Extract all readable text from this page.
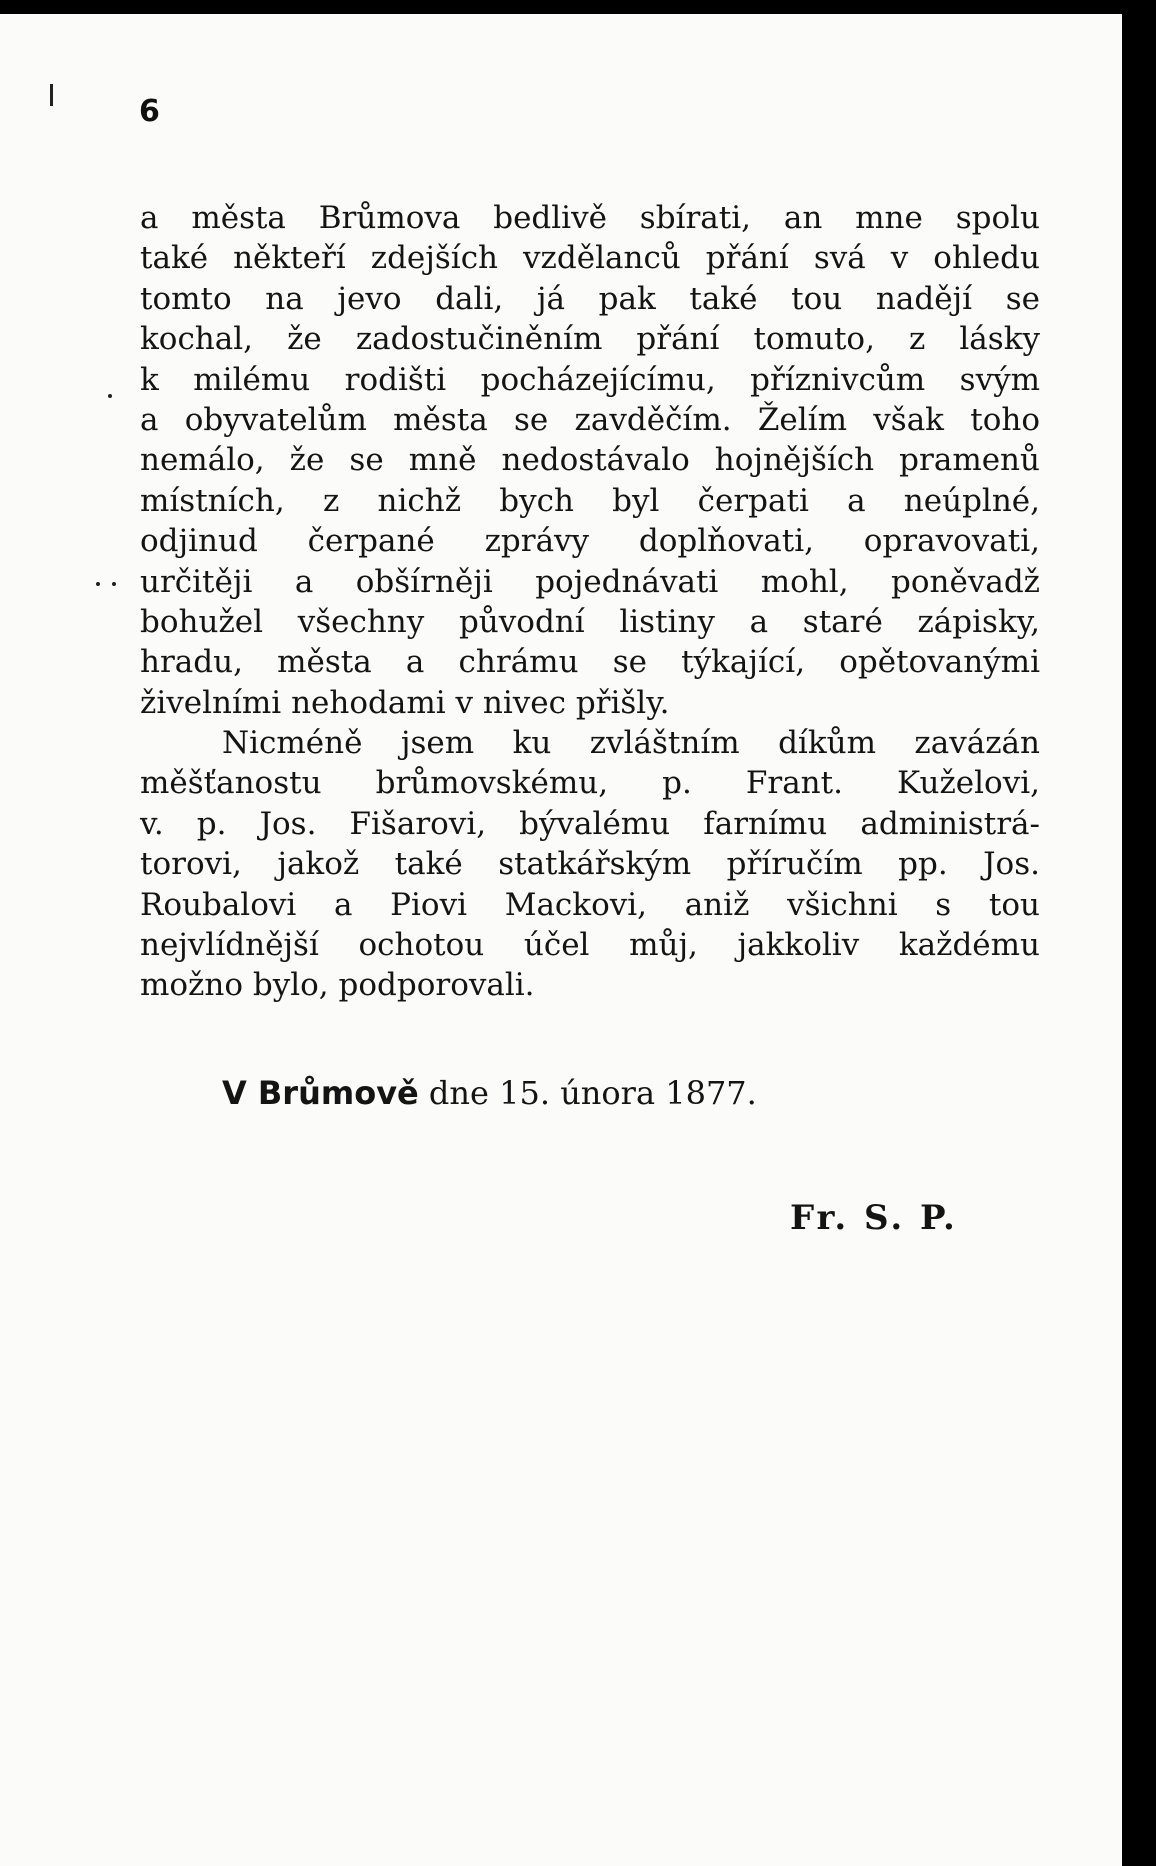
6
a města Brůmova bedlivě sbírati, an mne spolu
také někteří zdejších vzdělanců přání svá v ohledu
tomto na jevo dali, já pak také tou nadějí se
kochal, že zadostučiněním přání tomuto, z lásky
k milému rodišti pocházejícímu, příznivcům svým
a obyvatelům města se zavděčím. Želím však toho
nemálo, že se mně nedostávalo hojnějších pramenů
místních, z nichž bych byl čerpati a neúplné,
odjinud čerpané zprávy doplňovati, opravovati,
určitěji a obšírněji pojednávati mohl, poněvadž
bohužel všechny původní listiny a staré zápisky,
hradu, města a chrámu se týkající, opětovanými
živelními nehodami v nivec přišly.
Nicméně jsem ku zvláštním díkům zavázán
měšťanostu brůmovskému, p. Frant. Kuželovi,
v. p. Jos. Fišarovi, bývalému farnímu administrá-
torovi, jakož také statkářským příručím pp. Jos.
Roubalovi a Piovi Mackovi, aniž všichni s tou
nejvlídnější ochotou účel můj, jakkoliv každému
možno bylo, podporovali.
V Brůmově dne 15. února 1877.
Fr. S. P.
